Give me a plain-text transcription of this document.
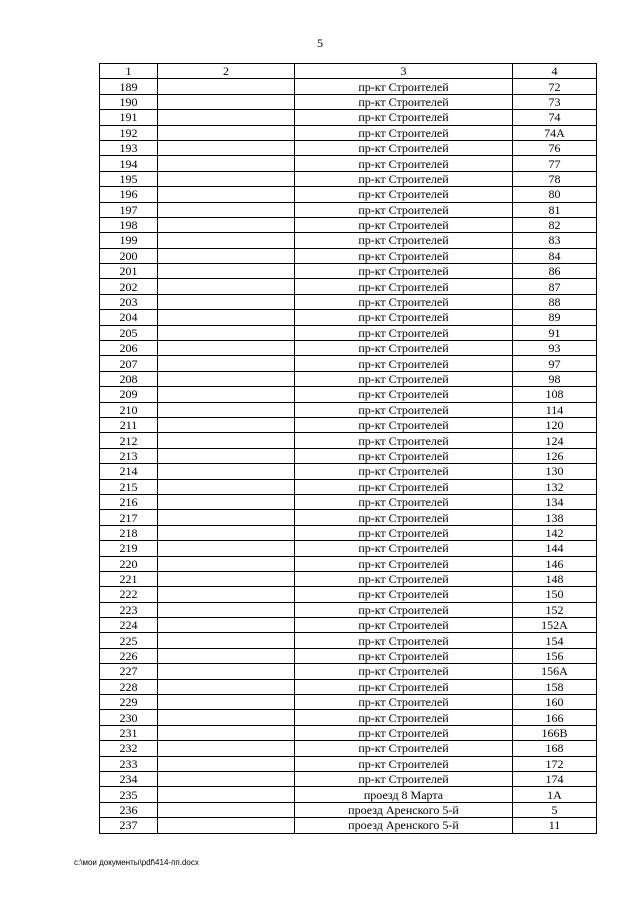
5
1	2	3	4
189		пр-кт Строителей	72
190		пр-кт Строителей	73
191		пр-кт Строителей	74
192		пр-кт Строителей	74А
193		пр-кт Строителей	76
194		пр-кт Строителей	77
195		пр-кт Строителей	78
196		пр-кт Строителей	80
197		пр-кт Строителей	81
198		пр-кт Строителей	82
199		пр-кт Строителей	83
200		пр-кт Строителей	84
201		пр-кт Строителей	86
202		пр-кт Строителей	87
203		пр-кт Строителей	88
204		пр-кт Строителей	89
205		пр-кт Строителей	91
206		пр-кт Строителей	93
207		пр-кт Строителей	97
208		пр-кт Строителей	98
209		пр-кт Строителей	108
210		пр-кт Строителей	114
211		пр-кт Строителей	120
212		пр-кт Строителей	124
213		пр-кт Строителей	126
214		пр-кт Строителей	130
215		пр-кт Строителей	132
216		пр-кт Строителей	134
217		пр-кт Строителей	138
218		пр-кт Строителей	142
219		пр-кт Строителей	144
220		пр-кт Строителей	146
221		пр-кт Строителей	148
222		пр-кт Строителей	150
223		пр-кт Строителей	152
224		пр-кт Строителей	152А
225		пр-кт Строителей	154
226		пр-кт Строителей	156
227		пр-кт Строителей	156А
228		пр-кт Строителей	158
229		пр-кт Строителей	160
230		пр-кт Строителей	166
231		пр-кт Строителей	166В
232		пр-кт Строителей	168
233		пр-кт Строителей	172
234		пр-кт Строителей	174
235		проезд 8 Марта	1А
236		проезд Аренского 5-й	5
237		проезд Аренского 5-й	11
c:\мои документы\pdf\414-пп.docx
